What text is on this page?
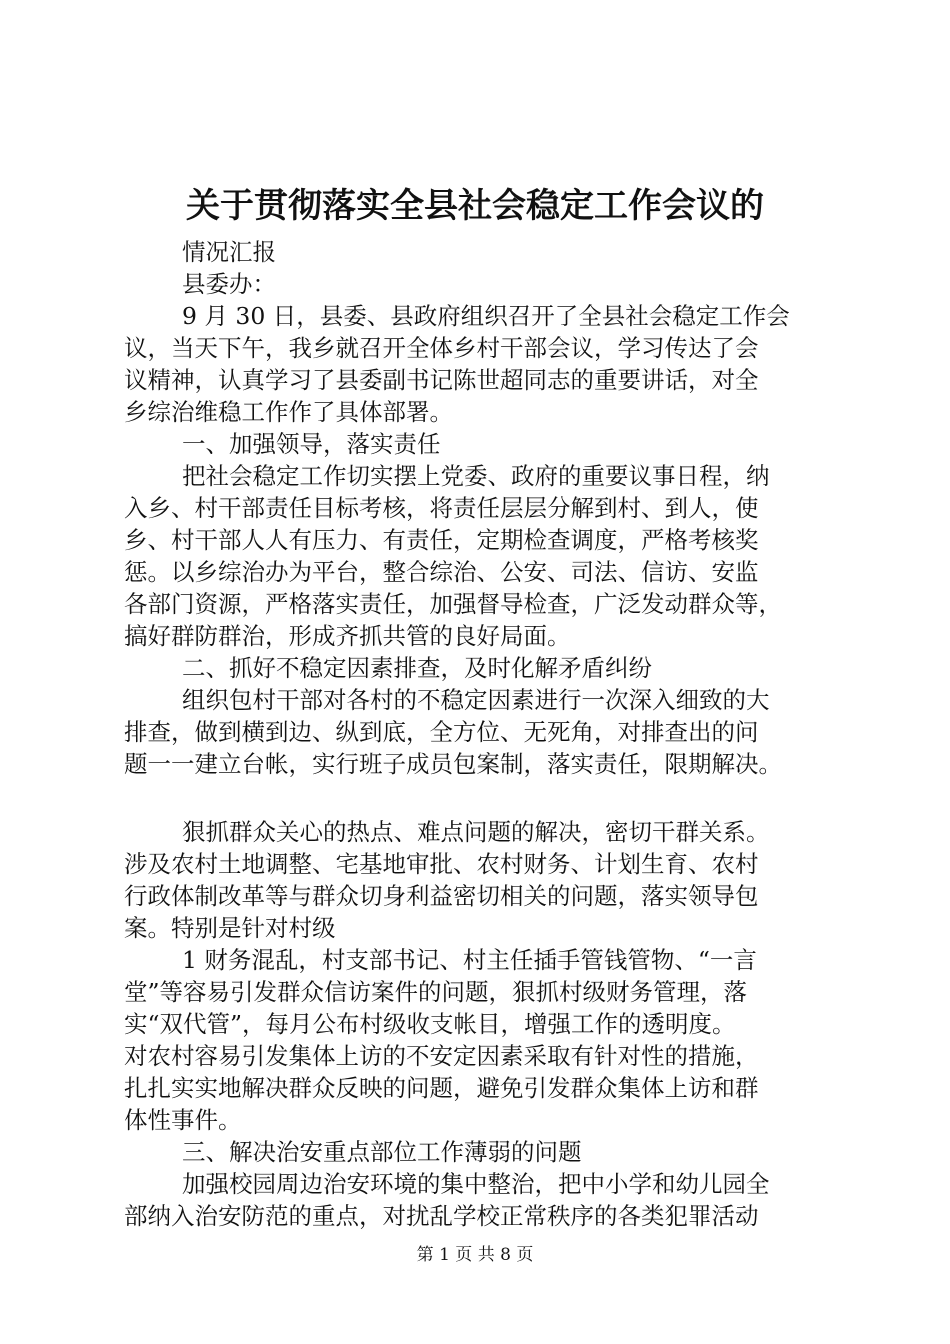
关于贯彻落实全县社会稳定工作会议的
情况汇报
县委办：
9 月 30 日，县委、县政府组织召开了全县社会稳定工作会
议，当天下午，我乡就召开全体乡村干部会议，学习传达了会
议精神，认真学习了县委副书记陈世超同志的重要讲话，对全
乡综治维稳工作作了具体部署。
一、加强领导，落实责任
把社会稳定工作切实摆上党委、政府的重要议事日程，纳
入乡、村干部责任目标考核，将责任层层分解到村、到人，使
乡、村干部人人有压力、有责任，定期检查调度，严格考核奖
惩。以乡综治办为平台，整合综治、公安、司法、信访、安监
各部门资源，严格落实责任，加强督导检查，广泛发动群众等，
搞好群防群治，形成齐抓共管的良好局面。
二、抓好不稳定因素排查，及时化解矛盾纠纷
组织包村干部对各村的不稳定因素进行一次深入细致的大
排查，做到横到边、纵到底，全方位、无死角，对排查出的问
题一一建立台帐，实行班子成员包案制，落实责任，限期解决。
狠抓群众关心的热点、难点问题的解决，密切干群关系。
涉及农村土地调整、宅基地审批、农村财务、计划生育、农村
行政体制改革等与群众切身利益密切相关的问题，落实领导包
案。特别是针对村级
1 财务混乱，村支部书记、村主任插手管钱管物、“一言
堂”等容易引发群众信访案件的问题，狠抓村级财务管理，落
实“双代管”，每月公布村级收支帐目，增强工作的透明度。
对农村容易引发集体上访的不安定因素采取有针对性的措施，
扎扎实实地解决群众反映的问题，避免引发群众集体上访和群
体性事件。
三、解决治安重点部位工作薄弱的问题
加强校园周边治安环境的集中整治，把中小学和幼儿园全
部纳入治安防范的重点，对扰乱学校正常秩序的各类犯罪活动
第 1 页 共 8 页
